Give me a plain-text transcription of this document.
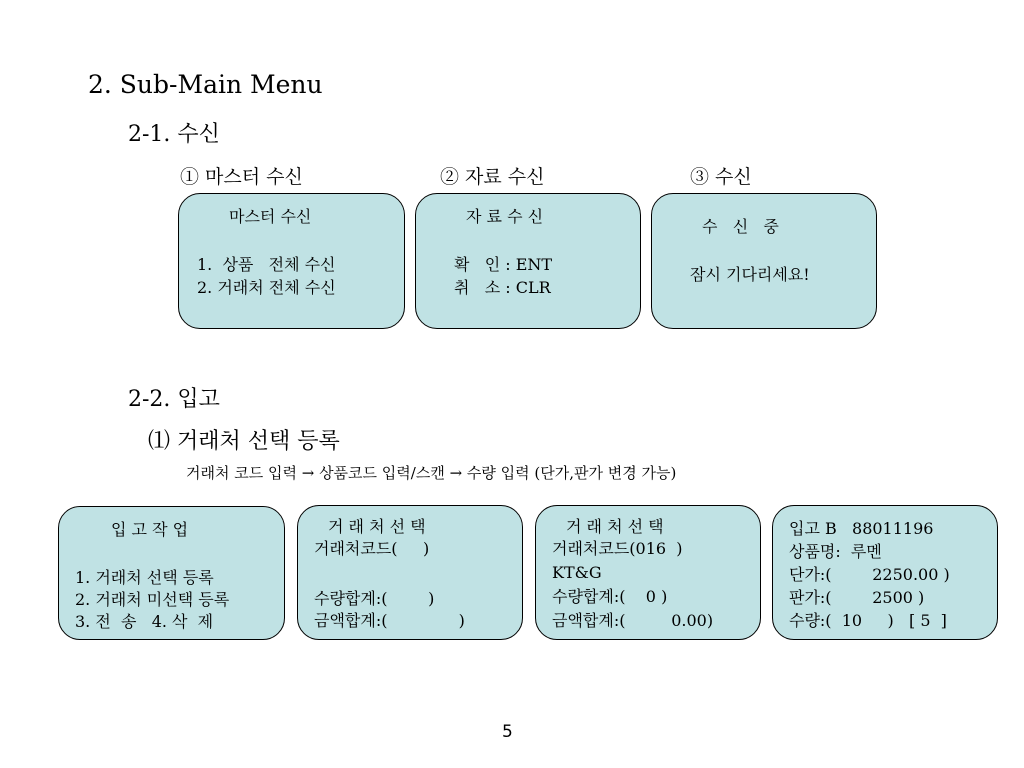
2. Sub-Main Menu
2-1. 수신
① 마스터 수신	② 자료 수신	③ 수신
마스터 수신
1.  상품   전체 수신
2. 거래처 전체 수신
자 료 수 신
확   인 : ENT
취   소 : CLR
수   신   중
잠시 기다리세요!
2-2. 입고
⑴ 거래처 선택 등록
거래처 코드 입력 → 상품코드 입력/스캔 → 수량 입력 (단가,판가 변경 가능)
입 고 작 업
1. 거래처 선택 등록
2. 거래처 미선택 등록
3. 전  송   4. 삭  제
거 래 처 선 택
거래처코드(     )
수량합계:(        )
금액합계:(              )
거 래 처 선 택
거래처코드(016  )
KT&G
수량합계:(    0 )
금액합계:(         0.00)
입고 B   88011196
상품명:  루멘
단가:(        2250.00 )
판가:(        2500 )
수량:(  10     )   [ 5  ]
5
